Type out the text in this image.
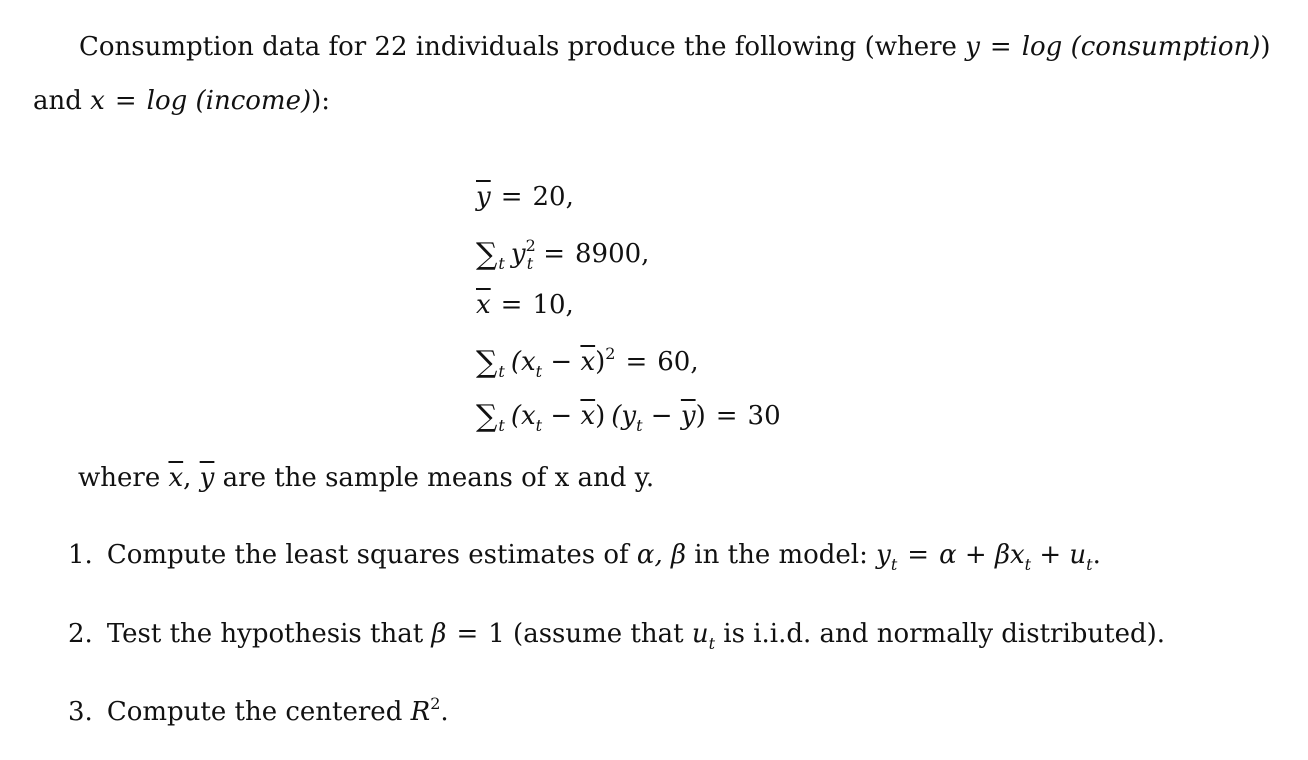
Consumption data for 22 individuals produce the following (where y = log (consumption))
and x = log (income)):
$\overline{y} = 20$,
$\sum_t$ $y^2_t = 8900$,
$\overline{x} = 10$,
$\sum_t$ $(x_t - \overline{x})^2 = 60$,
$\sum_t$ $(x_t - \overline{x}) (y_t - \overline{y}) = 30$
where $\overline{x}$, $\overline{y}$ are the sample means of x and y.
1. Compute the least squares estimates of α, β in the model: $y_t = \alpha + \beta x_t + u_t$.
2. Test the hypothesis that β = 1 (assume that $u_t$ is i.i.d. and normally distributed).
3. Compute the centered $R^2$.
